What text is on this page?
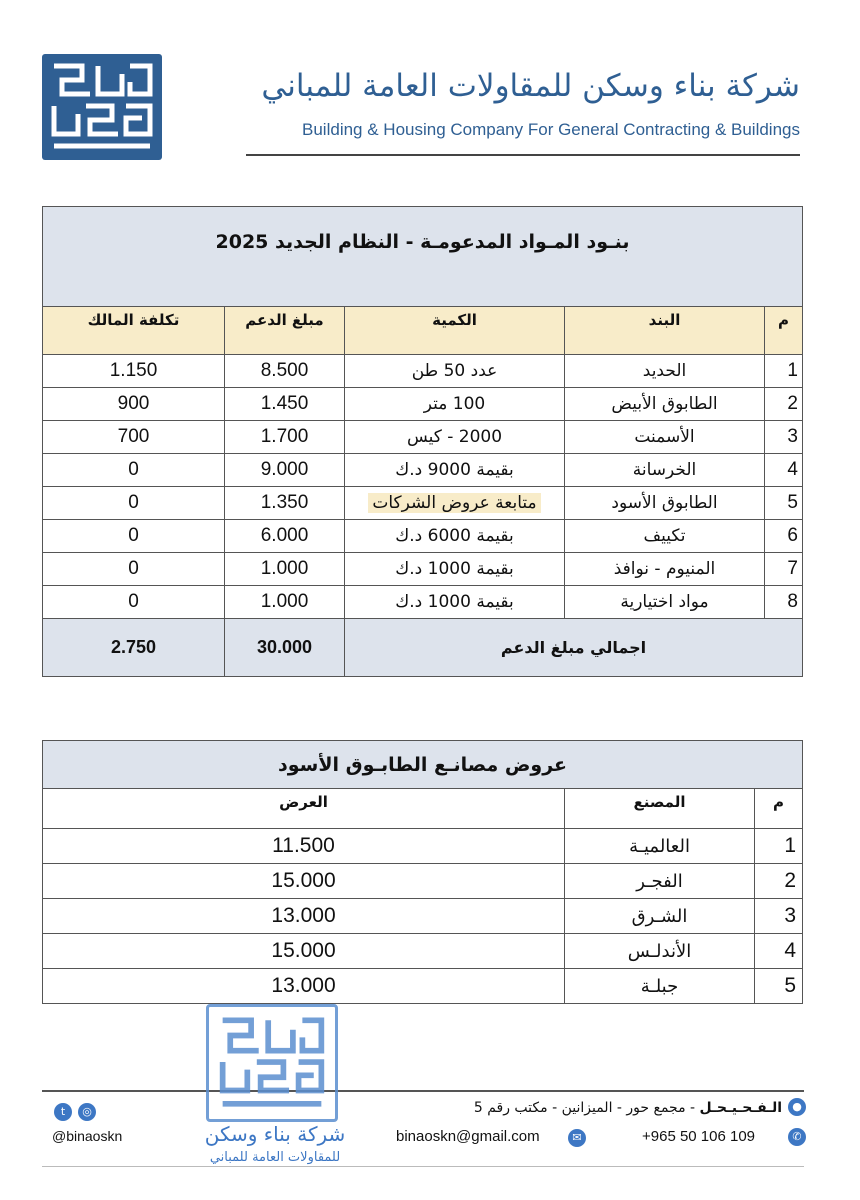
شركة بناء وسكن للمقاولات العامة للمباني
Building & Housing Company For General Contracting & Buildings
بنـود المـواد المدعومـة - النظام الجديد 2025				
م	البند	الكمية	مبلغ الدعم	تكلفة المالك
1	الحديد	عدد 50 طن	8.500	1.150
2	الطابوق الأبيض	100 متر	1.450	900
3	الأسمنت	2000 - كيس	1.700	700
4	الخرسانة	بقيمة 9000 د.ك	9.000	0
5	الطابوق الأسود	متابعة عروض الشركات	1.350	0
6	تكييف	بقيمة 6000 د.ك	6.000	0
7	المنيوم - نوافذ	بقيمة 1000 د.ك	1.000	0
8	مواد اختيارية	بقيمة 1000 د.ك	1.000	0
اجمالي مبلغ الدعم			30.000	2.750
عروض مصانـع الطابـوق الأسود		
م	المصنع	العرض
1	العالميـة	11.500
2	الفجـر	15.000
3	الشـرق	13.000
4	الأندلـس	15.000
5	جبلـة	13.000
شركة بناء وسكن
للمقاولات العامة للمباني
●
الـفـحـيـحـل - مجمع حور - الميزانين - مكتب رقم 5
✉
binaoskn@gmail.com	✆
+965 50 106 109
t	◎
@binaoskn
